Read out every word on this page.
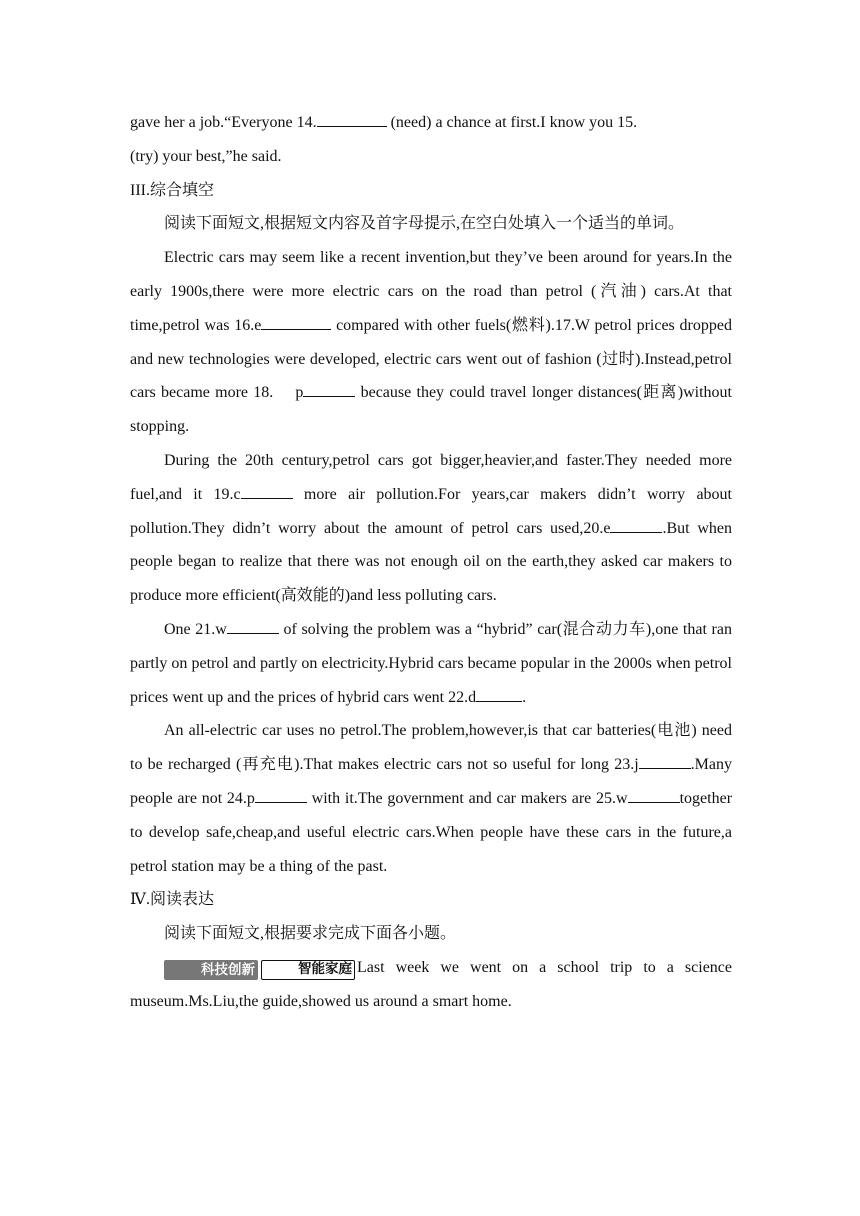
gave her a job.“Everyone 14.	(need) a chance at first.I know you 15.
(try) your best,”he said.

III.综合填空

阅读下面短文,根据短文内容及首字母提示,在空白处填入一个适当的单词。

Electric cars may seem like a recent invention,but they’ve been around for years.In the early 1900s,there were more electric cars on the road than petrol (汽油) cars.At that time,petrol was 16.e	compared with other fuels(燃料).17.W petrol prices dropped and new technologies were developed, electric cars went out of fashion (过时).Instead,petrol cars became more 18. p	because they could travel longer distances(距离)without stopping.

During the 20th century,petrol cars got bigger,heavier,and faster.They needed more fuel,and it 19.c	more air pollution.For years,car makers didn’t worry about pollution.They didn’t worry about the amount of petrol cars used,20.e	.But when people began to realize that there was not enough oil on the earth,they asked car makers to produce more efficient(高效能的)and less polluting cars.

One 21.w	of solving the problem was a “hybrid” car(混合动力车),one that ran partly on petrol and partly on electricity.Hybrid cars became popular in the 2000s when petrol prices went up and the prices of hybrid cars went 22.d	.

An all-electric car uses no petrol.The problem,however,is that car batteries(电池) need to be recharged (再充电).That makes electric cars not so useful for long 23.j	.Many people are not 24.p	with it.The government and car makers are 25.w	together to develop safe,cheap,and useful electric cars.When people have these cars in the future,a petrol station may be a thing of the past.

Ⅳ.阅读表达

阅读下面短文,根据要求完成下面各小题。

科技创新	智能家庭 Last week we went on a school trip to a science museum.Ms.Liu,the guide,showed us around a smart home.
